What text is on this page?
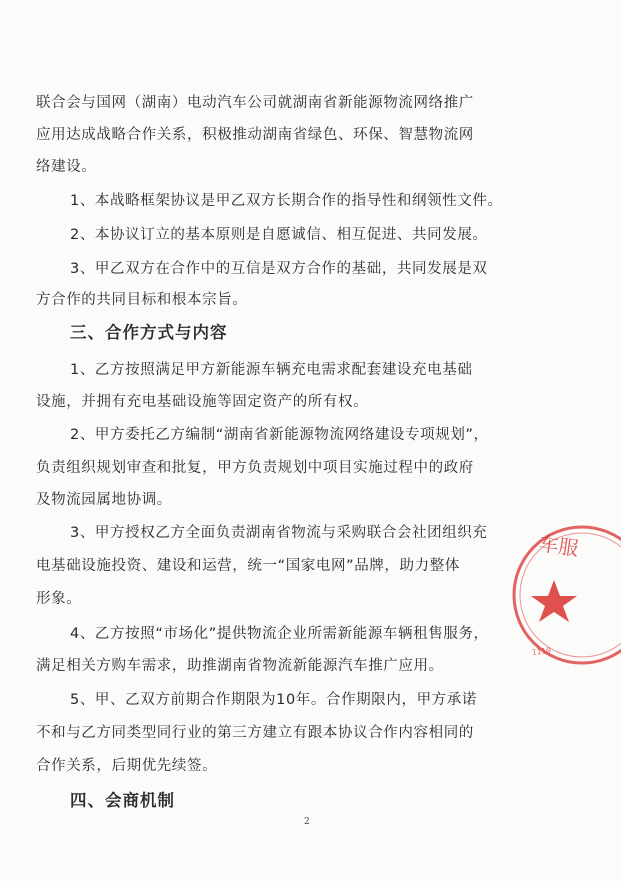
联合会与国网（湖南）电动汽车公司就湖南省新能源物流网络推广
应用达成战略合作关系，积极推动湖南省绿色、环保、智慧物流网
络建设。
1、本战略框架协议是甲乙双方长期合作的指导性和纲领性文件。
2、本协议订立的基本原则是自愿诚信、相互促进、共同发展。
3、甲乙双方在合作中的互信是双方合作的基础，共同发展是双
方合作的共同目标和根本宗旨。
三、合作方式与内容
1、乙方按照满足甲方新能源车辆充电需求配套建设充电基础
设施，并拥有充电基础设施等固定资产的所有权。
2、甲方委托乙方编制“湖南省新能源物流网络建设专项规划”，
负责组织规划审查和批复，甲方负责规划中项目实施过程中的政府
及物流园属地协调。
3、甲方授权乙方全面负责湖南省物流与采购联合会社团组织充
电基础设施投资、建设和运营，统一“国家电网”品牌，助力整体
形象。
4、乙方按照“市场化”提供物流企业所需新能源车辆租售服务，
满足相关方购车需求，助推湖南省物流新能源汽车推广应用。
5、甲、乙双方前期合作期限为10年。合作期限内，甲方承诺
不和与乙方同类型同行业的第三方建立有跟本协议合作内容相同的
合作关系，后期优先续签。
四、会商机制
2
车服
1110
